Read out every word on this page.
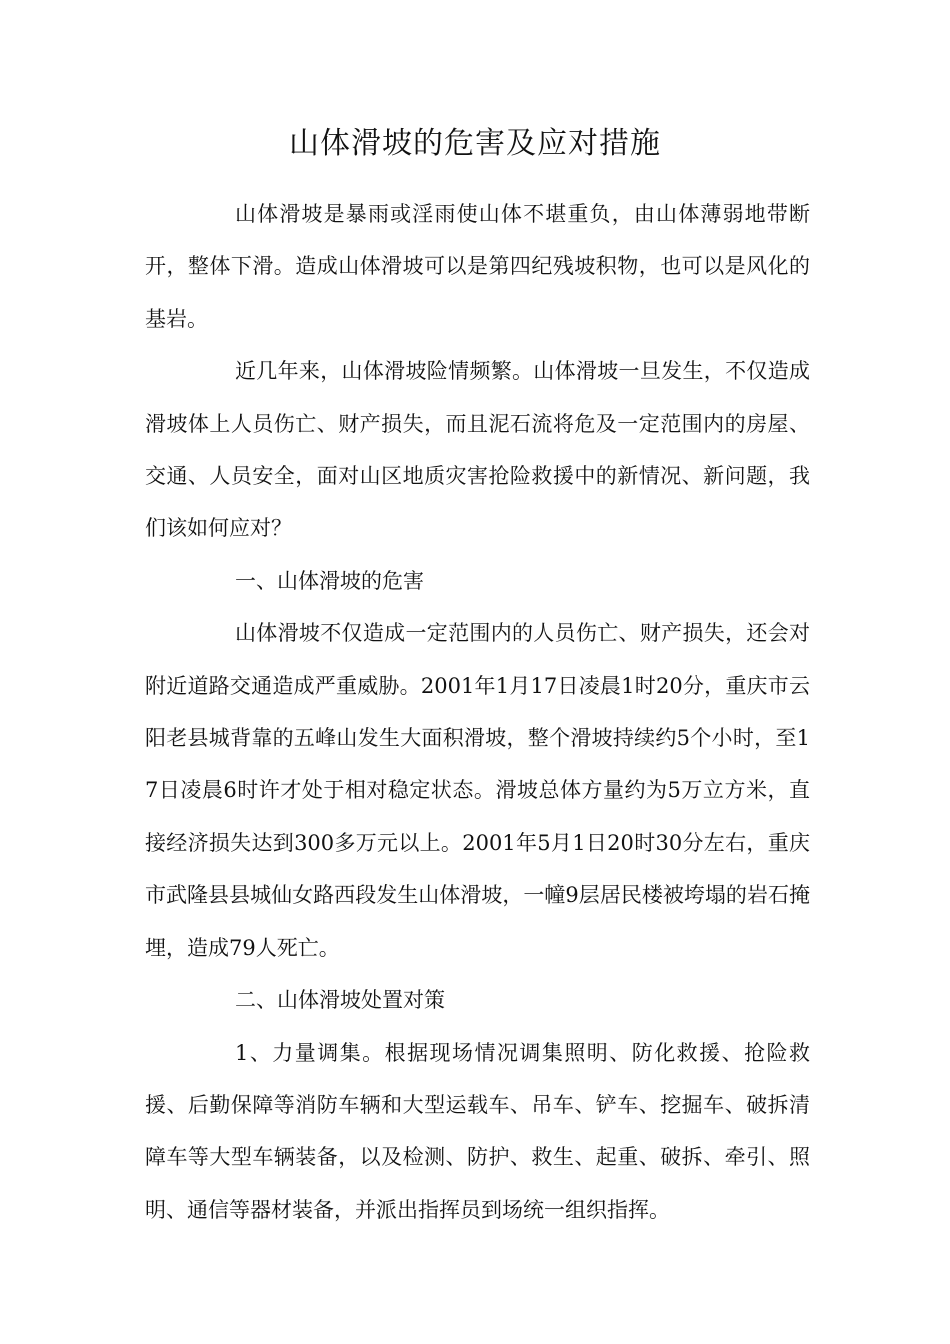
山体滑坡的危害及应对措施

山体滑坡是暴雨或淫雨使山体不堪重负，由山体薄弱地带断开，整体下滑。造成山体滑坡可以是第四纪残坡积物，也可以是风化的基岩。

近几年来，山体滑坡险情频繁。山体滑坡一旦发生，不仅造成滑坡体上人员伤亡、财产损失，而且泥石流将危及一定范围内的房屋、交通、人员安全，面对山区地质灾害抢险救援中的新情况、新问题，我们该如何应对？

一、山体滑坡的危害

山体滑坡不仅造成一定范围内的人员伤亡、财产损失，还会对附近道路交通造成严重威胁。2001年1月17日凌晨1时20分，重庆市云阳老县城背靠的五峰山发生大面积滑坡，整个滑坡持续约5个小时，至17日凌晨6时许才处于相对稳定状态。滑坡总体方量约为5万立方米，直接经济损失达到300多万元以上。2001年5月1日20时30分左右，重庆市武隆县县城仙女路西段发生山体滑坡，一幢9层居民楼被垮塌的岩石掩埋，造成79人死亡。

二、山体滑坡处置对策

1、力量调集。根据现场情况调集照明、防化救援、抢险救援、后勤保障等消防车辆和大型运载车、吊车、铲车、挖掘车、破拆清障车等大型车辆装备，以及检测、防护、救生、起重、破拆、牵引、照明、通信等器材装备，并派出指挥员到场统一组织指挥。
